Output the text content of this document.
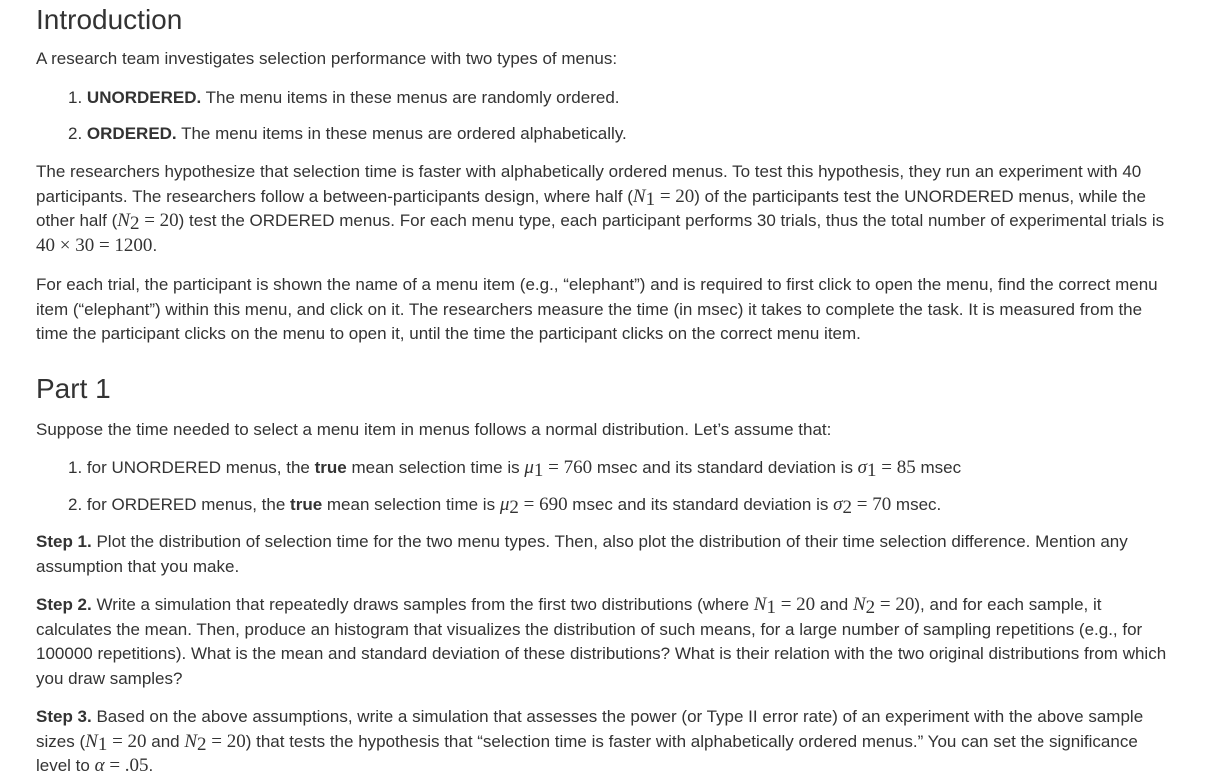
Introduction
A research team investigates selection performance with two types of menus:
1. UNORDERED. The menu items in these menus are randomly ordered.
2. ORDERED. The menu items in these menus are ordered alphabetically.
The researchers hypothesize that selection time is faster with alphabetically ordered menus. To test this hypothesis, they run an experiment with 40 participants. The researchers follow a between-participants design, where half $(N_1 = 20)$ of the participants test the UNORDERED menus, while the other half $(N_2 = 20)$ test the ORDERED menus. For each menu type, each participant performs 30 trials, thus the total number of experimental trials is 40 × 30 = 1200.
For each trial, the participant is shown the name of a menu item (e.g., “elephant”) and is required to first click to open the menu, find the correct menu item (“elephant”) within this menu, and click on it. The researchers measure the time (in msec) it takes to complete the task. It is measured from the time the participant clicks on the menu to open it, until the time the participant clicks on the correct menu item.
Part 1
Suppose the time needed to select a menu item in menus follows a normal distribution. Let’s assume that:
1. for UNORDERED menus, the true mean selection time is $\mu_1 = 760$ msec and its standard deviation is $\sigma_1 = 85$ msec
2. for ORDERED menus, the true mean selection time is $\mu_2 = 690$ msec and its standard deviation is $\sigma_2 = 70$ msec.
Step 1. Plot the distribution of selection time for the two menu types. Then, also plot the distribution of their time selection difference. Mention any assumption that you make.
Step 2. Write a simulation that repeatedly draws samples from the first two distributions (where $N_1 = 20$ and $N_2 = 20$), and for each sample, it calculates the mean. Then, produce an histogram that visualizes the distribution of such means, for a large number of sampling repetitions (e.g., for 100000 repetitions). What is the mean and standard deviation of these distributions? What is their relation with the two original distributions from which you draw samples?
Step 3. Based on the above assumptions, write a simulation that assesses the power (or Type II error rate) of an experiment with the above sample sizes ($N_1 = 20$ and $N_2 = 20$) that tests the hypothesis that “selection time is faster with alphabetically ordered menus.” You can set the significance level to α = .05.
